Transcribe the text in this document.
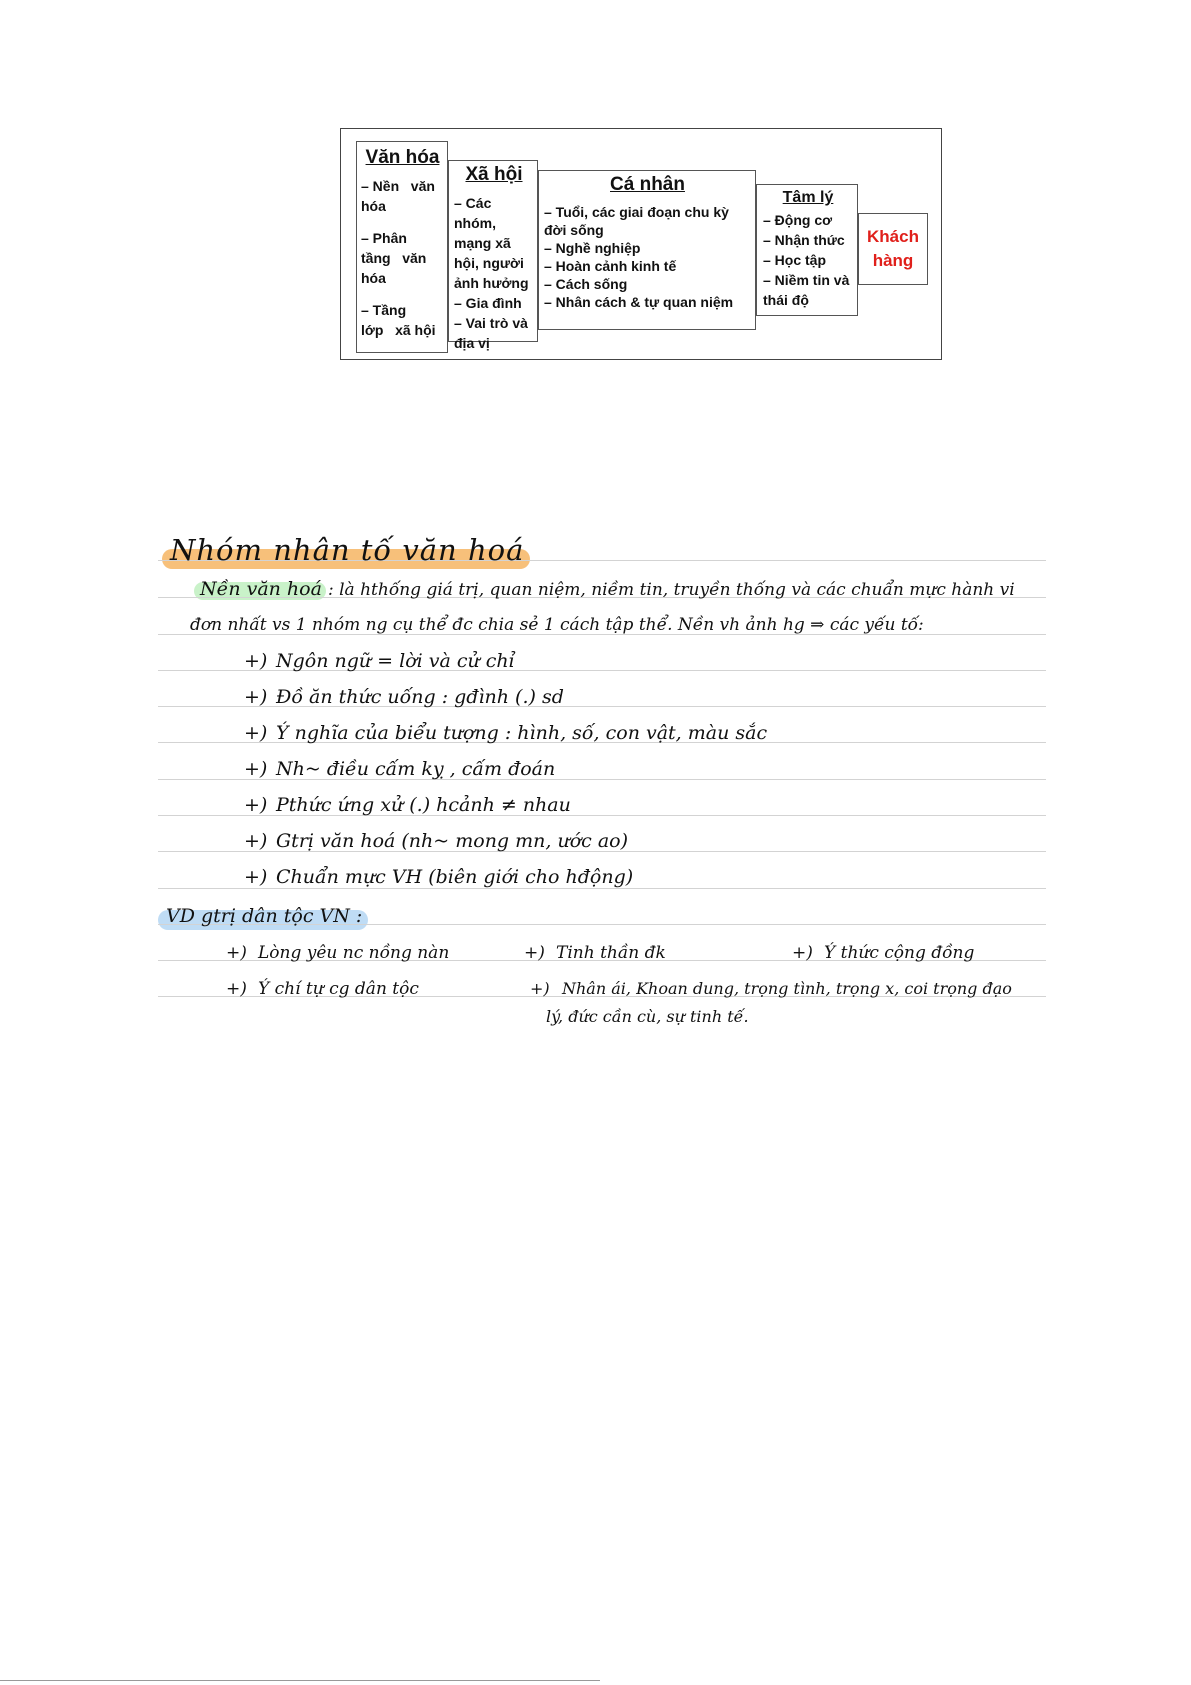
Văn hóa
– Nền   văn hóa
– Phân tầng   văn hóa
– Tầng lớp   xã hội
Xã hội
– Các nhóm, mạng xã hội, người ảnh hưởng
– Gia đình
– Vai trò và địa vị
Cá nhân
– Tuổi, các giai đoạn chu kỳ đời sống
– Nghề nghiệp
– Hoàn cảnh kinh tế
– Cách sống
– Nhân cách & tự quan niệm
Tâm lý
– Động cơ
– Nhận thức
– Học tập
– Niềm tin và thái độ
Khách
hàng
Nhóm nhân tố văn hoá
Nền văn hoá : là hthống giá trị, quan niệm, niềm tin, truyền thống và các chuẩn mực hành vi
đơn nhất vs 1 nhóm ng cụ thể đc chia sẻ 1 cách tập thể. Nền vh ảnh hg ⇒ các yếu tố:
+) Ngôn ngữ = lời và cử chỉ
+) Đồ ăn thức uống : gđình (.) sd
+) Ý nghĩa của biểu tượng : hình, số, con vật, màu sắc
+) Nh~ điều cấm kỵ , cấm đoán
+) Pthức ứng xử (.) hcảnh ≠ nhau
+) Gtrị văn hoá (nh~ mong mn, ước ao)
+) Chuẩn mực VH (biên giới cho hđộng)
VD gtrị dân tộc VN :
+) Lòng yêu nc nồng nàn	+) Tinh thần đk	+) Ý thức cộng đồng
+) Ý chí tự cg dân tộc	+) Nhân ái, Khoan dung, trọng tình, trọng x, coi trọng đạo
lý, đức cần cù, sự tinh tế.
